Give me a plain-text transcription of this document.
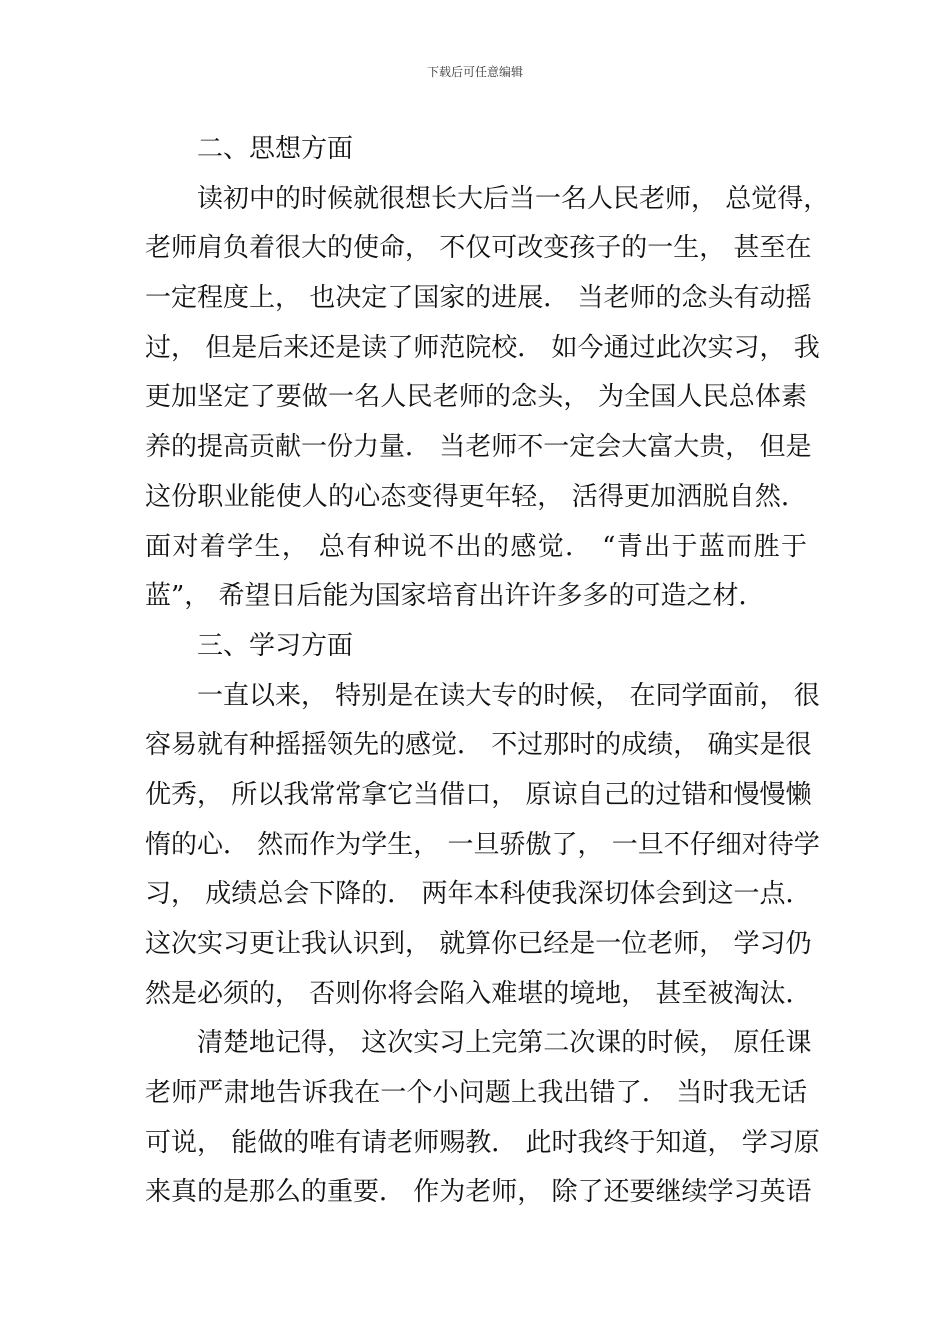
下载后可任意编辑
二、思想方面
读初中的时候就很想长大后当一名人民老师， 总觉得，
老师肩负着很大的使命， 不仅可改变孩子的一生， 甚至在
一定程度上， 也决定了国家的进展． 当老师的念头有动摇
过， 但是后来还是读了师范院校． 如今通过此次实习， 我
更加坚定了要做一名人民老师的念头， 为全国人民总体素
养的提高贡献一份力量． 当老师不一定会大富大贵， 但是
这份职业能使人的心态变得更年轻， 活得更加洒脱自然．
面对着学生， 总有种说不出的感觉． “青出于蓝而胜于
蓝”， 希望日后能为国家培育出许许多多的可造之材．
三、学习方面
一直以来， 特别是在读大专的时候， 在同学面前， 很
容易就有种摇摇领先的感觉． 不过那时的成绩， 确实是很
优秀， 所以我常常拿它当借口， 原谅自己的过错和慢慢懒
惰的心． 然而作为学生， 一旦骄傲了， 一旦不仔细对待学
习， 成绩总会下降的． 两年本科使我深切体会到这一点．
这次实习更让我认识到， 就算你已经是一位老师， 学习仍
然是必须的， 否则你将会陷入难堪的境地， 甚至被淘汰．
清楚地记得， 这次实习上完第二次课的时候， 原任课
老师严肃地告诉我在一个小问题上我出错了． 当时我无话
可说， 能做的唯有请老师赐教． 此时我终于知道， 学习原
来真的是那么的重要． 作为老师， 除了还要继续学习英语
